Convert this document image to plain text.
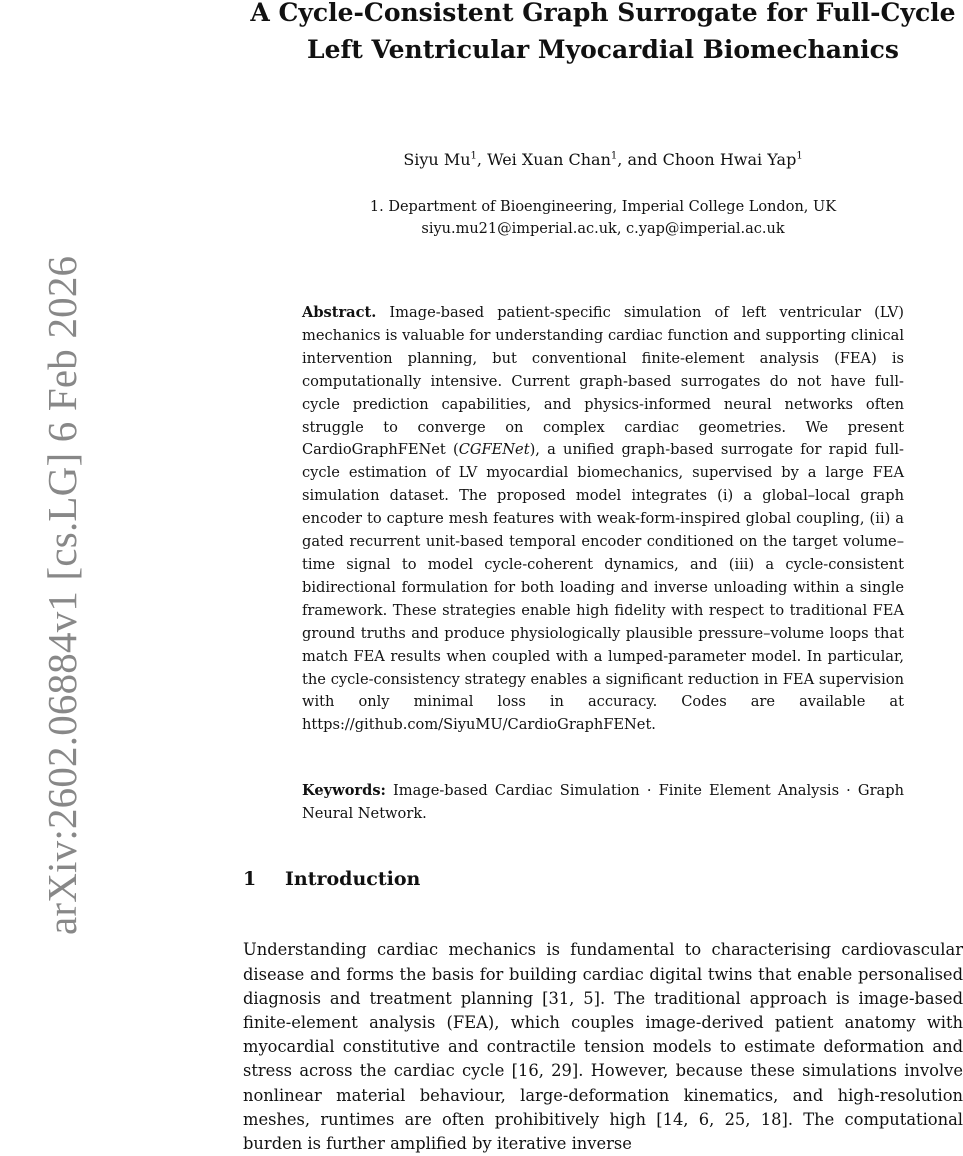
arXiv:2602.06884v1 [cs.LG] 6 Feb 2026
A Cycle-Consistent Graph Surrogate for Full-Cycle Left Ventricular Myocardial Biomechanics
Siyu Mu$^1$, Wei Xuan Chan$^1$, and Choon Hwai Yap$^1$
1. Department of Bioengineering, Imperial College London, UK
siyu.mu21@imperial.ac.uk, c.yap@imperial.ac.uk
Abstract. Image-based patient-specific simulation of left ventricular (LV) mechanics is valuable for understanding cardiac function and supporting clinical intervention planning, but conventional finite-element analysis (FEA) is computationally intensive. Current graph-based surrogates do not have full-cycle prediction capabilities, and physics-informed neural networks often struggle to converge on complex cardiac geometries. We present CardioGraphFENet (CGFENet), a unified graph-based surrogate for rapid full-cycle estimation of LV myocardial biomechanics, supervised by a large FEA simulation dataset. The proposed model integrates (i) a global–local graph encoder to capture mesh features with weak-form-inspired global coupling, (ii) a gated recurrent unit-based temporal encoder conditioned on the target volume–time signal to model cycle-coherent dynamics, and (iii) a cycle-consistent bidirectional formulation for both loading and inverse unloading within a single framework. These strategies enable high fidelity with respect to traditional FEA ground truths and produce physiologically plausible pressure–volume loops that match FEA results when coupled with a lumped-parameter model. In particular, the cycle-consistency strategy enables a significant reduction in FEA supervision with only minimal loss in accuracy. Codes are available at https://github.com/SiyuMU/CardioGraphFENet.
Keywords: Image-based Cardiac Simulation · Finite Element Analysis · Graph Neural Network.
1 Introduction

Understanding cardiac mechanics is fundamental to characterising cardiovascular disease and forms the basis for building cardiac digital twins that enable personalised diagnosis and treatment planning [31, 5]. The traditional approach is image-based finite-element analysis (FEA), which couples image-derived patient anatomy with myocardial constitutive and contractile tension models to estimate deformation and stress across the cardiac cycle [16, 29]. However, because these simulations involve nonlinear material behaviour, large-deformation kinematics, and high-resolution meshes, runtimes are often prohibitively high [14, 6, 25, 18]. The computational burden is further amplified by iterative inverse
